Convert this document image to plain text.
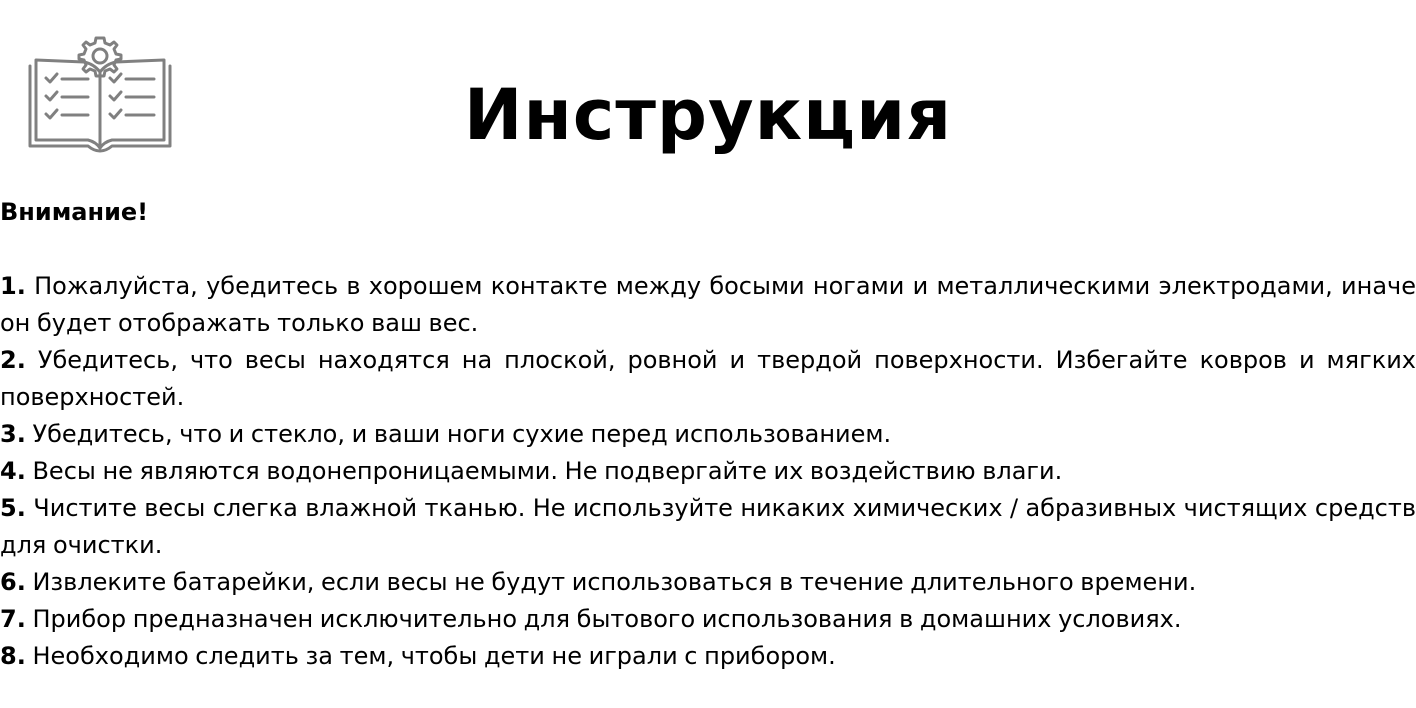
Инструкция

Внимание!

1. Пожалуйста, убедитесь в хорошем контакте между босыми ногами и металлическими электродами, иначе он будет отображать только ваш вес.
2. Убедитесь, что весы находятся на плоской, ровной и твердой поверхности. Избегайте ковров и мягких поверхностей.
3. Убедитесь, что и стекло, и ваши ноги сухие перед использованием.
4. Весы не являются водонепроницаемыми. Не подвергайте их воздействию влаги.
5. Чистите весы слегка влажной тканью. Не используйте никаких химических / абразивных чистящих средств для очистки.
6. Извлеките батарейки, если весы не будут использоваться в течение длительного времени.
7. Прибор предназначен исключительно для бытового использования в домашних условиях.
8. Необходимо следить за тем, чтобы дети не играли с прибором.
